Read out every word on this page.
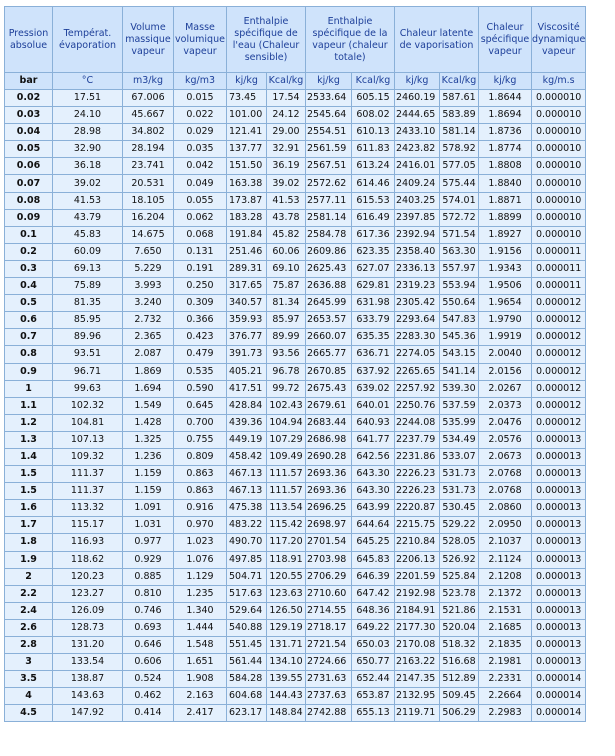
Pression absolue	Températ. évaporation	Volume massique vapeur	Masse volumique vapeur	Enthalpie spécifique de l'eau (Chaleur sensible)		Enthalpie spécifique de la vapeur (chaleur totale)		Chaleur latente de vaporisation		Chaleur spécifique vapeur	Viscosité dynamique vapeur
bar	°C	m3/kg	kg/m3	kj/kg	Kcal/kg	kj/kg	Kcal/kg	kj/kg	Kcal/kg	kj/kg	kg/m.s
0.02	17.51	67.006	0.015	73.45	17.54	2533.64	605.15	2460.19	587.61	1.8644	0.000010
0.03	24.10	45.667	0.022	101.00	24.12	2545.64	608.02	2444.65	583.89	1.8694	0.000010
0.04	28.98	34.802	0.029	121.41	29.00	2554.51	610.13	2433.10	581.14	1.8736	0.000010
0.05	32.90	28.194	0.035	137.77	32.91	2561.59	611.83	2423.82	578.92	1.8774	0.000010
0.06	36.18	23.741	0.042	151.50	36.19	2567.51	613.24	2416.01	577.05	1.8808	0.000010
0.07	39.02	20.531	0.049	163.38	39.02	2572.62	614.46	2409.24	575.44	1.8840	0.000010
0.08	41.53	18.105	0.055	173.87	41.53	2577.11	615.53	2403.25	574.01	1.8871	0.000010
0.09	43.79	16.204	0.062	183.28	43.78	2581.14	616.49	2397.85	572.72	1.8899	0.000010
0.1	45.83	14.675	0.068	191.84	45.82	2584.78	617.36	2392.94	571.54	1.8927	0.000010
0.2	60.09	7.650	0.131	251.46	60.06	2609.86	623.35	2358.40	563.30	1.9156	0.000011
0.3	69.13	5.229	0.191	289.31	69.10	2625.43	627.07	2336.13	557.97	1.9343	0.000011
0.4	75.89	3.993	0.250	317.65	75.87	2636.88	629.81	2319.23	553.94	1.9506	0.000011
0.5	81.35	3.240	0.309	340.57	81.34	2645.99	631.98	2305.42	550.64	1.9654	0.000012
0.6	85.95	2.732	0.366	359.93	85.97	2653.57	633.79	2293.64	547.83	1.9790	0.000012
0.7	89.96	2.365	0.423	376.77	89.99	2660.07	635.35	2283.30	545.36	1.9919	0.000012
0.8	93.51	2.087	0.479	391.73	93.56	2665.77	636.71	2274.05	543.15	2.0040	0.000012
0.9	96.71	1.869	0.535	405.21	96.78	2670.85	637.92	2265.65	541.14	2.0156	0.000012
1	99.63	1.694	0.590	417.51	99.72	2675.43	639.02	2257.92	539.30	2.0267	0.000012
1.1	102.32	1.549	0.645	428.84	102.43	2679.61	640.01	2250.76	537.59	2.0373	0.000012
1.2	104.81	1.428	0.700	439.36	104.94	2683.44	640.93	2244.08	535.99	2.0476	0.000012
1.3	107.13	1.325	0.755	449.19	107.29	2686.98	641.77	2237.79	534.49	2.0576	0.000013
1.4	109.32	1.236	0.809	458.42	109.49	2690.28	642.56	2231.86	533.07	2.0673	0.000013
1.5	111.37	1.159	0.863	467.13	111.57	2693.36	643.30	2226.23	531.73	2.0768	0.000013
1.5	111.37	1.159	0.863	467.13	111.57	2693.36	643.30	2226.23	531.73	2.0768	0.000013
1.6	113.32	1.091	0.916	475.38	113.54	2696.25	643.99	2220.87	530.45	2.0860	0.000013
1.7	115.17	1.031	0.970	483.22	115.42	2698.97	644.64	2215.75	529.22	2.0950	0.000013
1.8	116.93	0.977	1.023	490.70	117.20	2701.54	645.25	2210.84	528.05	2.1037	0.000013
1.9	118.62	0.929	1.076	497.85	118.91	2703.98	645.83	2206.13	526.92	2.1124	0.000013
2	120.23	0.885	1.129	504.71	120.55	2706.29	646.39	2201.59	525.84	2.1208	0.000013
2.2	123.27	0.810	1.235	517.63	123.63	2710.60	647.42	2192.98	523.78	2.1372	0.000013
2.4	126.09	0.746	1.340	529.64	126.50	2714.55	648.36	2184.91	521.86	2.1531	0.000013
2.6	128.73	0.693	1.444	540.88	129.19	2718.17	649.22	2177.30	520.04	2.1685	0.000013
2.8	131.20	0.646	1.548	551.45	131.71	2721.54	650.03	2170.08	518.32	2.1835	0.000013
3	133.54	0.606	1.651	561.44	134.10	2724.66	650.77	2163.22	516.68	2.1981	0.000013
3.5	138.87	0.524	1.908	584.28	139.55	2731.63	652.44	2147.35	512.89	2.2331	0.000014
4	143.63	0.462	2.163	604.68	144.43	2737.63	653.87	2132.95	509.45	2.2664	0.000014
4.5	147.92	0.414	2.417	623.17	148.84	2742.88	655.13	2119.71	506.29	2.2983	0.000014
